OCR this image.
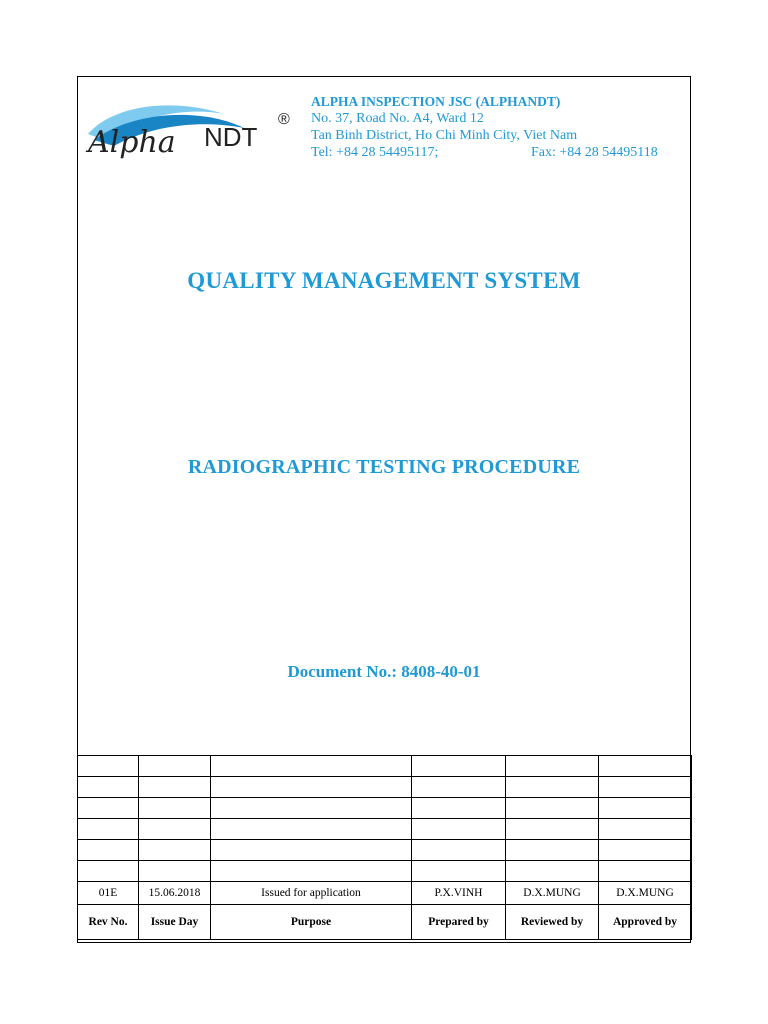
Alpha NDT
®
ALPHA INSPECTION JSC (ALPHANDT)
No. 37, Road No. A4, Ward 12
Tan Binh District, Ho Chi Minh City, Viet Nam
Tel: +84 28 54495117;	Fax: +84 28 54495118
QUALITY MANAGEMENT SYSTEM
RADIOGRAPHIC TESTING PROCEDURE
Document No.: 8408-40-01

01E	15.06.2018	Issued for application	P.X.VINH	D.X.MUNG	D.X.MUNG
Rev No.	Issue Day	Purpose	Prepared by	Reviewed by	Approved by
